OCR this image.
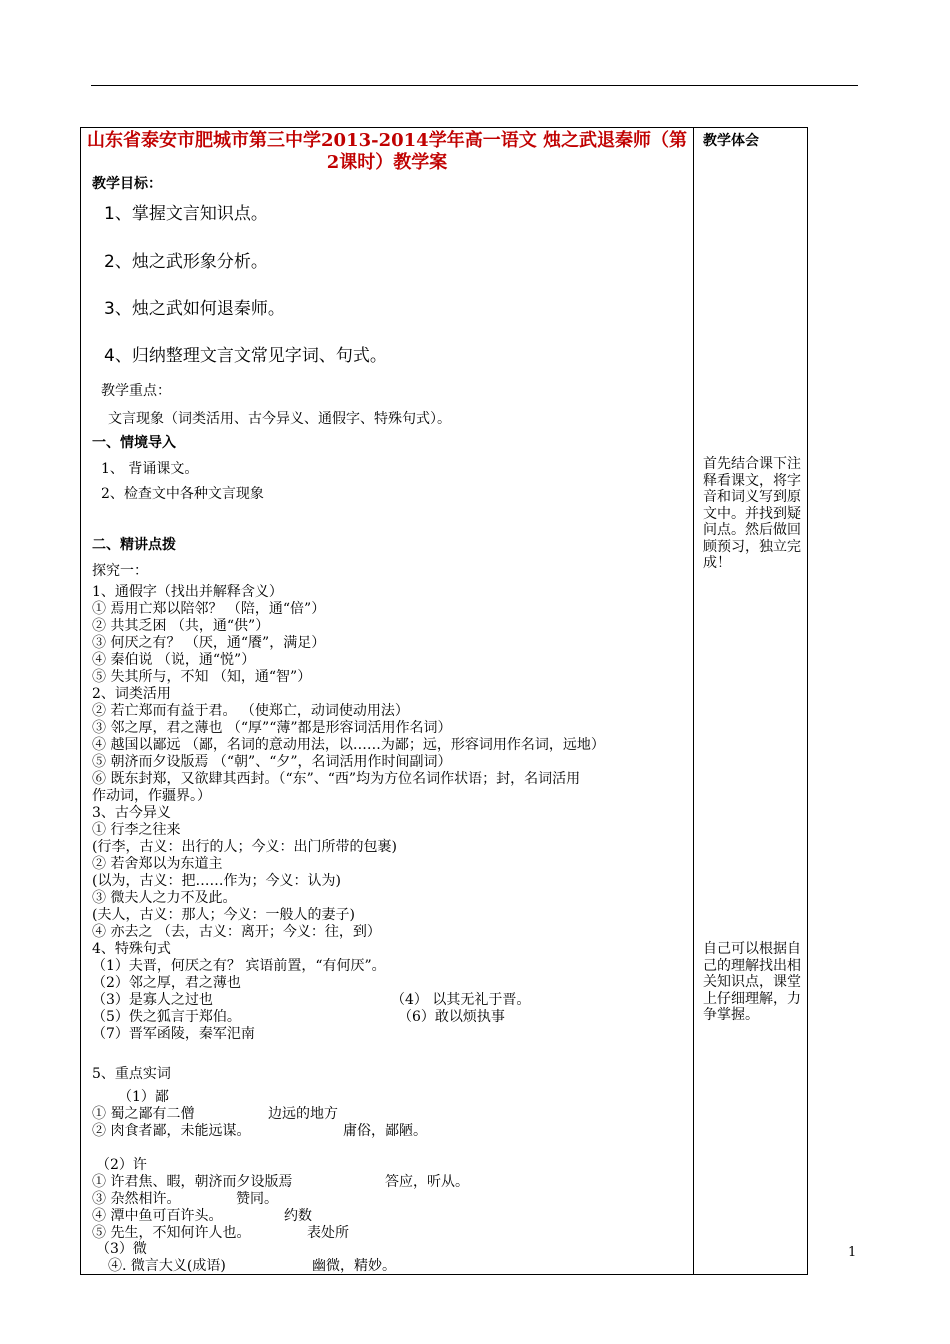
山东省泰安市肥城市第三中学2013-2014学年高一语文 烛之武退秦师（第2课时）教学案
教学体会
首先结合课下注释看课文，将字音和词义写到原文中。并找到疑问点。然后做回顾预习，独立完成！
自己可以根据自己的理解找出相关知识点，课堂上仔细理解，力争掌握。
教学目标：
1、掌握文言知识点。
2、烛之武形象分析。
3、烛之武如何退秦师。
4、归纳整理文言文常见字词、句式。
教学重点：
文言现象（词类活用、古今异义、通假字、特殊句式）。
一、情境导入
1、 背诵课文。
2、检查文中各种文言现象
二、精讲点拨
探究一：
1、通假字（找出并解释含义）
① 焉用亡郑以陪邻？ （陪，通“倍”）
② 共其乏困 （共，通“供”）
③ 何厌之有？ （厌，通“餍”，满足）
④ 秦伯说 （说，通“悦”）
⑤ 失其所与，不知 （知，通“智”）
2、词类活用
② 若亡郑而有益于君。 （使郑亡，动词使动用法）
③ 邻之厚，君之薄也 （“厚”“薄”都是形容词活用作名词）
④ 越国以鄙远 （鄙，名词的意动用法，以……为鄙；远，形容词用作名词，远地）
⑤ 朝济而夕设版焉 （“朝”、“夕”，名词活用作时间副词）
⑥ 既东封郑，又欲肆其西封。（“东”、“西”均为方位名词作状语；封，名词活用
作动词，作疆界。）
3、古今异义
① 行李之往来
(行李，古义：出行的人；今义：出门所带的包裹)
② 若舍郑以为东道主
(以为，古义：把……作为；今义：认为)
③ 微夫人之力不及此。
(夫人，古义：那人；今义：一般人的妻子)
④ 亦去之 （去，古义：离开；今义：往，到）
4、特殊句式
（1）夫晋，何厌之有？ 宾语前置，“有何厌”。
（2）邻之厚，君之薄也
（3）是寡人之过也	（4） 以其无礼于晋。
（5）佚之狐言于郑伯。	（6）敢以烦执事
（7）晋军函陵，秦军汜南
5、重点实词
（1）鄙
① 蜀之鄙有二僧	边远的地方
② 肉食者鄙，未能远谋。	庸俗，鄙陋。
（2）许
① 许君焦、暇，朝济而夕设版焉	答应，听从。
③ 杂然相许。	赞同。
④ 潭中鱼可百许头。	约数
⑤ 先生，不知何许人也。	表处所
（3）微
④. 微言大义(成语)	幽微，精妙。
1
